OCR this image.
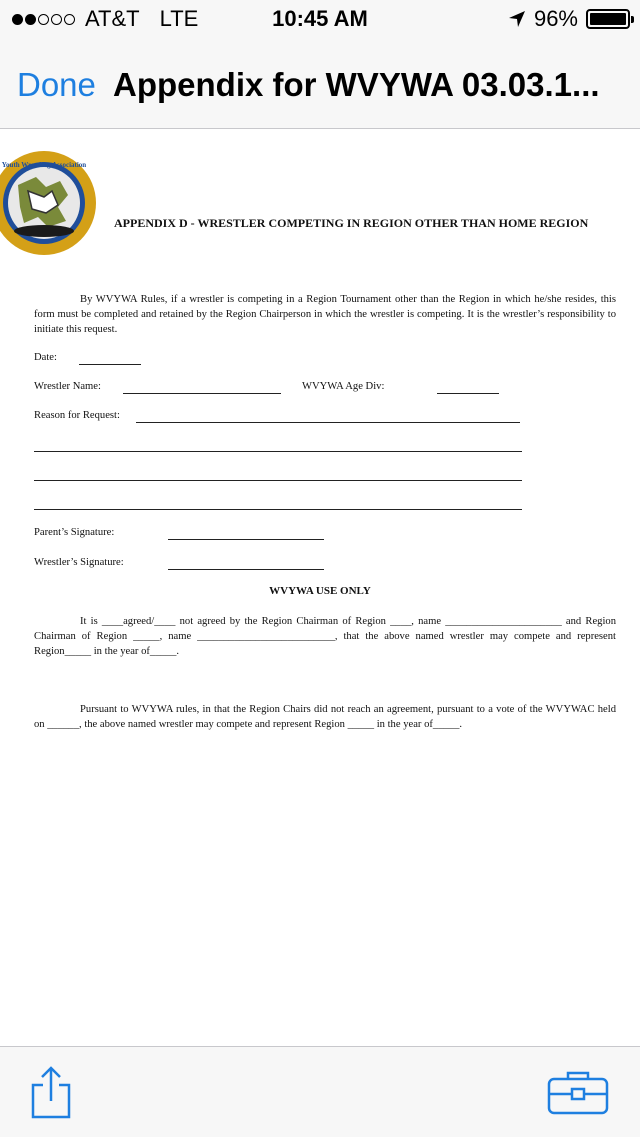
AT&T LTE	10:45 AM	96%
Done Appendix for WVYWA 03.03.1...
Youth Wrestling Association
APPENDIX D - WRESTLER COMPETING IN REGION OTHER THAN HOME REGION
By WVYWA Rules, if a wrestler is competing in a Region Tournament other than the Region in which he/she resides, this form must be completed and retained by the Region Chairperson in which the wrestler is competing. It is the wrestler’s responsibility to initiate this request.
Date:
Wrestler Name:	WVYWA Age Div:
Reason for Request:
Parent’s Signature:
Wrestler’s Signature:
WVYWA USE ONLY
It is ____agreed/____ not agreed by the Region Chairman of Region ____, name ______________________ and Region Chairman of Region _____, name __________________________, that the above named wrestler may compete and represent Region_____ in the year of_____.
Pursuant to WVYWA rules, in that the Region Chairs did not reach an agreement, pursuant to a vote of the WVYWAC held on ______, the above named wrestler may compete and represent Region _____ in the year of_____.
